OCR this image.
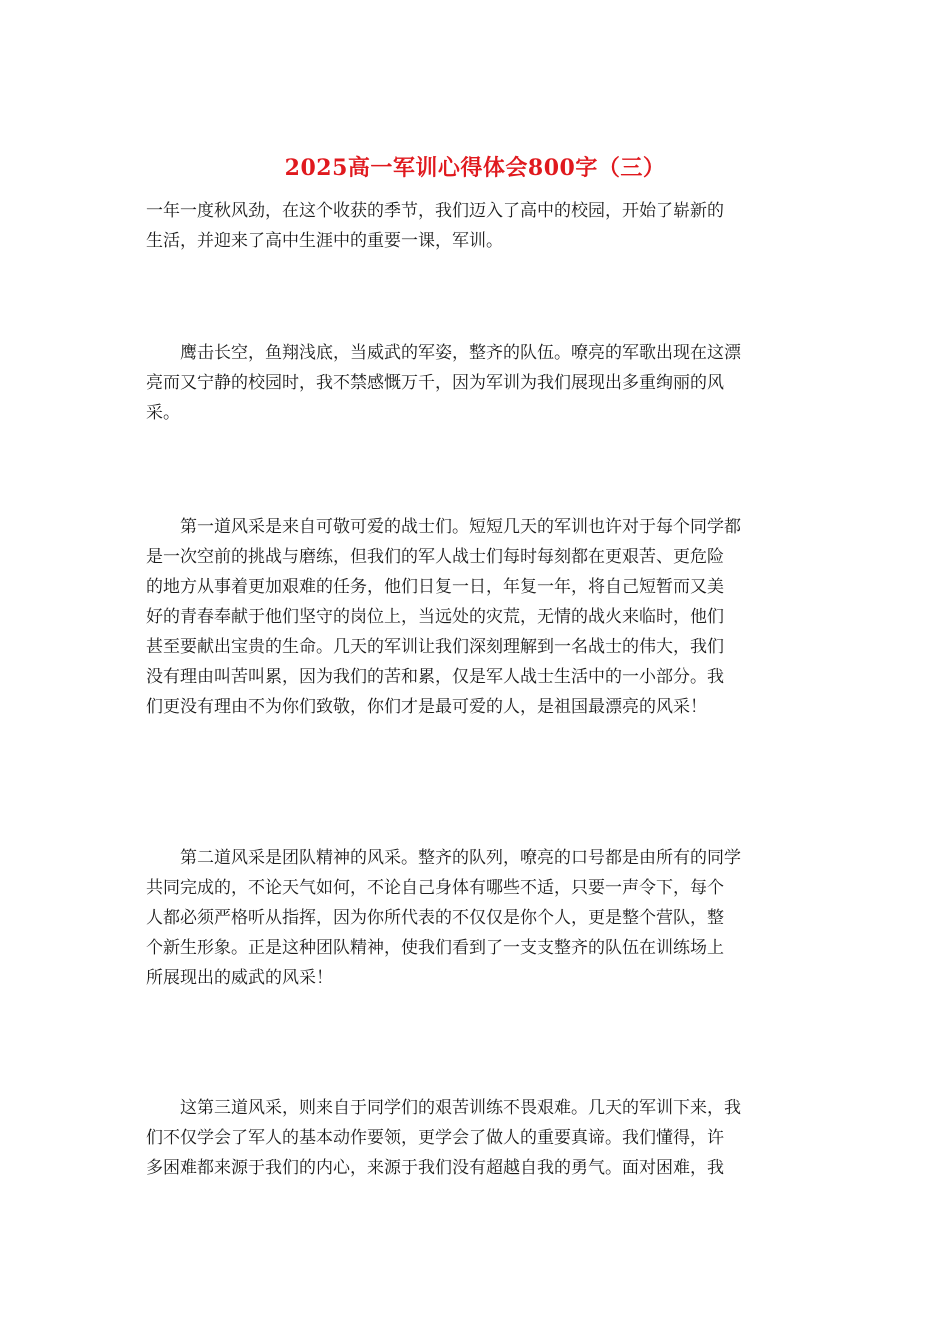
2025高一军训心得体会800字（三）

一年一度秋风劲，在这个收获的季节，我们迈入了高中的校园，开始了崭新的
生活，并迎来了高中生涯中的重要一课，军训。

　　鹰击长空，鱼翔浅底，当威武的军姿，整齐的队伍。嘹亮的军歌出现在这漂
亮而又宁静的校园时，我不禁感慨万千，因为军训为我们展现出多重绚丽的风
采。

　　第一道风采是来自可敬可爱的战士们。短短几天的军训也许对于每个同学都
是一次空前的挑战与磨练，但我们的军人战士们每时每刻都在更艰苦、更危险
的地方从事着更加艰难的任务，他们日复一日，年复一年，将自己短暂而又美
好的青春奉献于他们坚守的岗位上，当远处的灾荒，无情的战火来临时，他们
甚至要献出宝贵的生命。几天的军训让我们深刻理解到一名战士的伟大，我们
没有理由叫苦叫累，因为我们的苦和累，仅是军人战士生活中的一小部分。我
们更没有理由不为你们致敬，你们才是最可爱的人，是祖国最漂亮的风采！

　　第二道风采是团队精神的风采。整齐的队列，嘹亮的口号都是由所有的同学
共同完成的，不论天气如何，不论自己身体有哪些不适，只要一声令下，每个
人都必须严格听从指挥，因为你所代表的不仅仅是你个人，更是整个营队，整
个新生形象。正是这种团队精神，使我们看到了一支支整齐的队伍在训练场上
所展现出的威武的风采！

　　这第三道风采，则来自于同学们的艰苦训练不畏艰难。几天的军训下来，我
们不仅学会了军人的基本动作要领，更学会了做人的重要真谛。我们懂得，许
多困难都来源于我们的内心，来源于我们没有超越自我的勇气。面对困难，我
